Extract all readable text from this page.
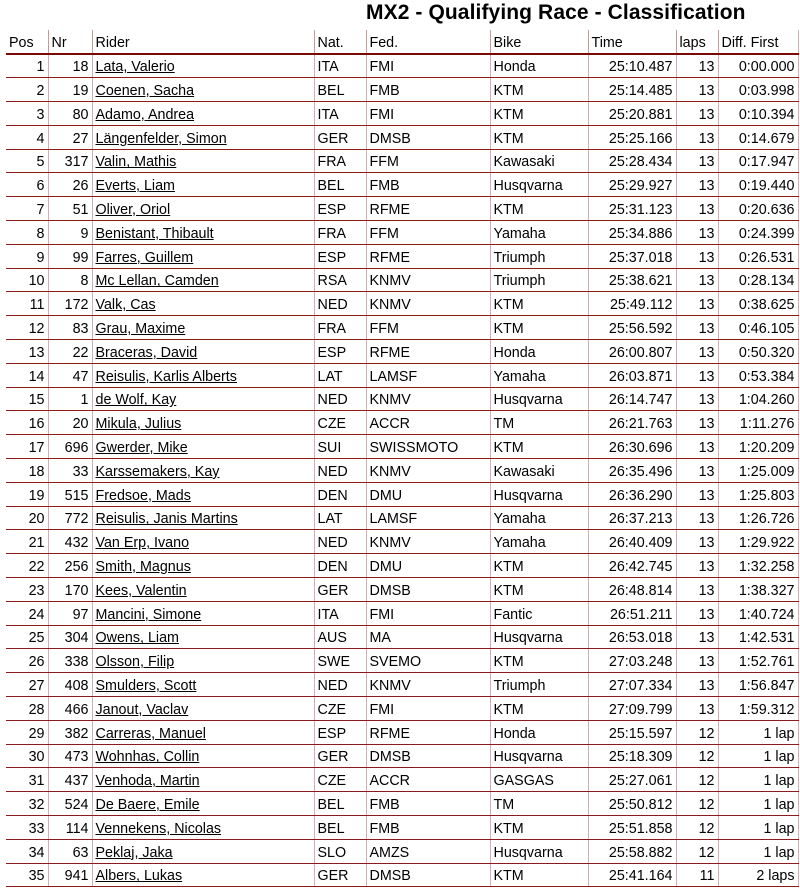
MX2 - Qualifying Race - Classification
Pos	Nr	Rider	Nat.	Fed.	Bike	Time	laps	Diff. First
1	18	Lata, Valerio	ITA	FMI	Honda	25:10.487	13	0:00.000
2	19	Coenen, Sacha	BEL	FMB	KTM	25:14.485	13	0:03.998
3	80	Adamo, Andrea	ITA	FMI	KTM	25:20.881	13	0:10.394
4	27	Längenfelder, Simon	GER	DMSB	KTM	25:25.166	13	0:14.679
5	317	Valin, Mathis	FRA	FFM	Kawasaki	25:28.434	13	0:17.947
6	26	Everts, Liam	BEL	FMB	Husqvarna	25:29.927	13	0:19.440
7	51	Oliver, Oriol	ESP	RFME	KTM	25:31.123	13	0:20.636
8	9	Benistant, Thibault	FRA	FFM	Yamaha	25:34.886	13	0:24.399
9	99	Farres, Guillem	ESP	RFME	Triumph	25:37.018	13	0:26.531
10	8	Mc Lellan, Camden	RSA	KNMV	Triumph	25:38.621	13	0:28.134
11	172	Valk, Cas	NED	KNMV	KTM	25:49.112	13	0:38.625
12	83	Grau, Maxime	FRA	FFM	KTM	25:56.592	13	0:46.105
13	22	Braceras, David	ESP	RFME	Honda	26:00.807	13	0:50.320
14	47	Reisulis, Karlis Alberts	LAT	LAMSF	Yamaha	26:03.871	13	0:53.384
15	1	de Wolf, Kay	NED	KNMV	Husqvarna	26:14.747	13	1:04.260
16	20	Mikula, Julius	CZE	ACCR	TM	26:21.763	13	1:11.276
17	696	Gwerder, Mike	SUI	SWISSMOTO	KTM	26:30.696	13	1:20.209
18	33	Karssemakers, Kay	NED	KNMV	Kawasaki	26:35.496	13	1:25.009
19	515	Fredsoe, Mads	DEN	DMU	Husqvarna	26:36.290	13	1:25.803
20	772	Reisulis, Janis Martins	LAT	LAMSF	Yamaha	26:37.213	13	1:26.726
21	432	Van Erp, Ivano	NED	KNMV	Yamaha	26:40.409	13	1:29.922
22	256	Smith, Magnus	DEN	DMU	KTM	26:42.745	13	1:32.258
23	170	Kees, Valentin	GER	DMSB	KTM	26:48.814	13	1:38.327
24	97	Mancini, Simone	ITA	FMI	Fantic	26:51.211	13	1:40.724
25	304	Owens, Liam	AUS	MA	Husqvarna	26:53.018	13	1:42.531
26	338	Olsson, Filip	SWE	SVEMO	KTM	27:03.248	13	1:52.761
27	408	Smulders, Scott	NED	KNMV	Triumph	27:07.334	13	1:56.847
28	466	Janout, Vaclav	CZE	FMI	KTM	27:09.799	13	1:59.312
29	382	Carreras, Manuel	ESP	RFME	Honda	25:15.597	12	1 lap
30	473	Wohnhas, Collin	GER	DMSB	Husqvarna	25:18.309	12	1 lap
31	437	Venhoda, Martin	CZE	ACCR	GASGAS	25:27.061	12	1 lap
32	524	De Baere, Emile	BEL	FMB	TM	25:50.812	12	1 lap
33	114	Vennekens, Nicolas	BEL	FMB	KTM	25:51.858	12	1 lap
34	63	Peklaj, Jaka	SLO	AMZS	Husqvarna	25:58.882	12	1 lap
35	941	Albers, Lukas	GER	DMSB	KTM	25:41.164	11	2 laps
